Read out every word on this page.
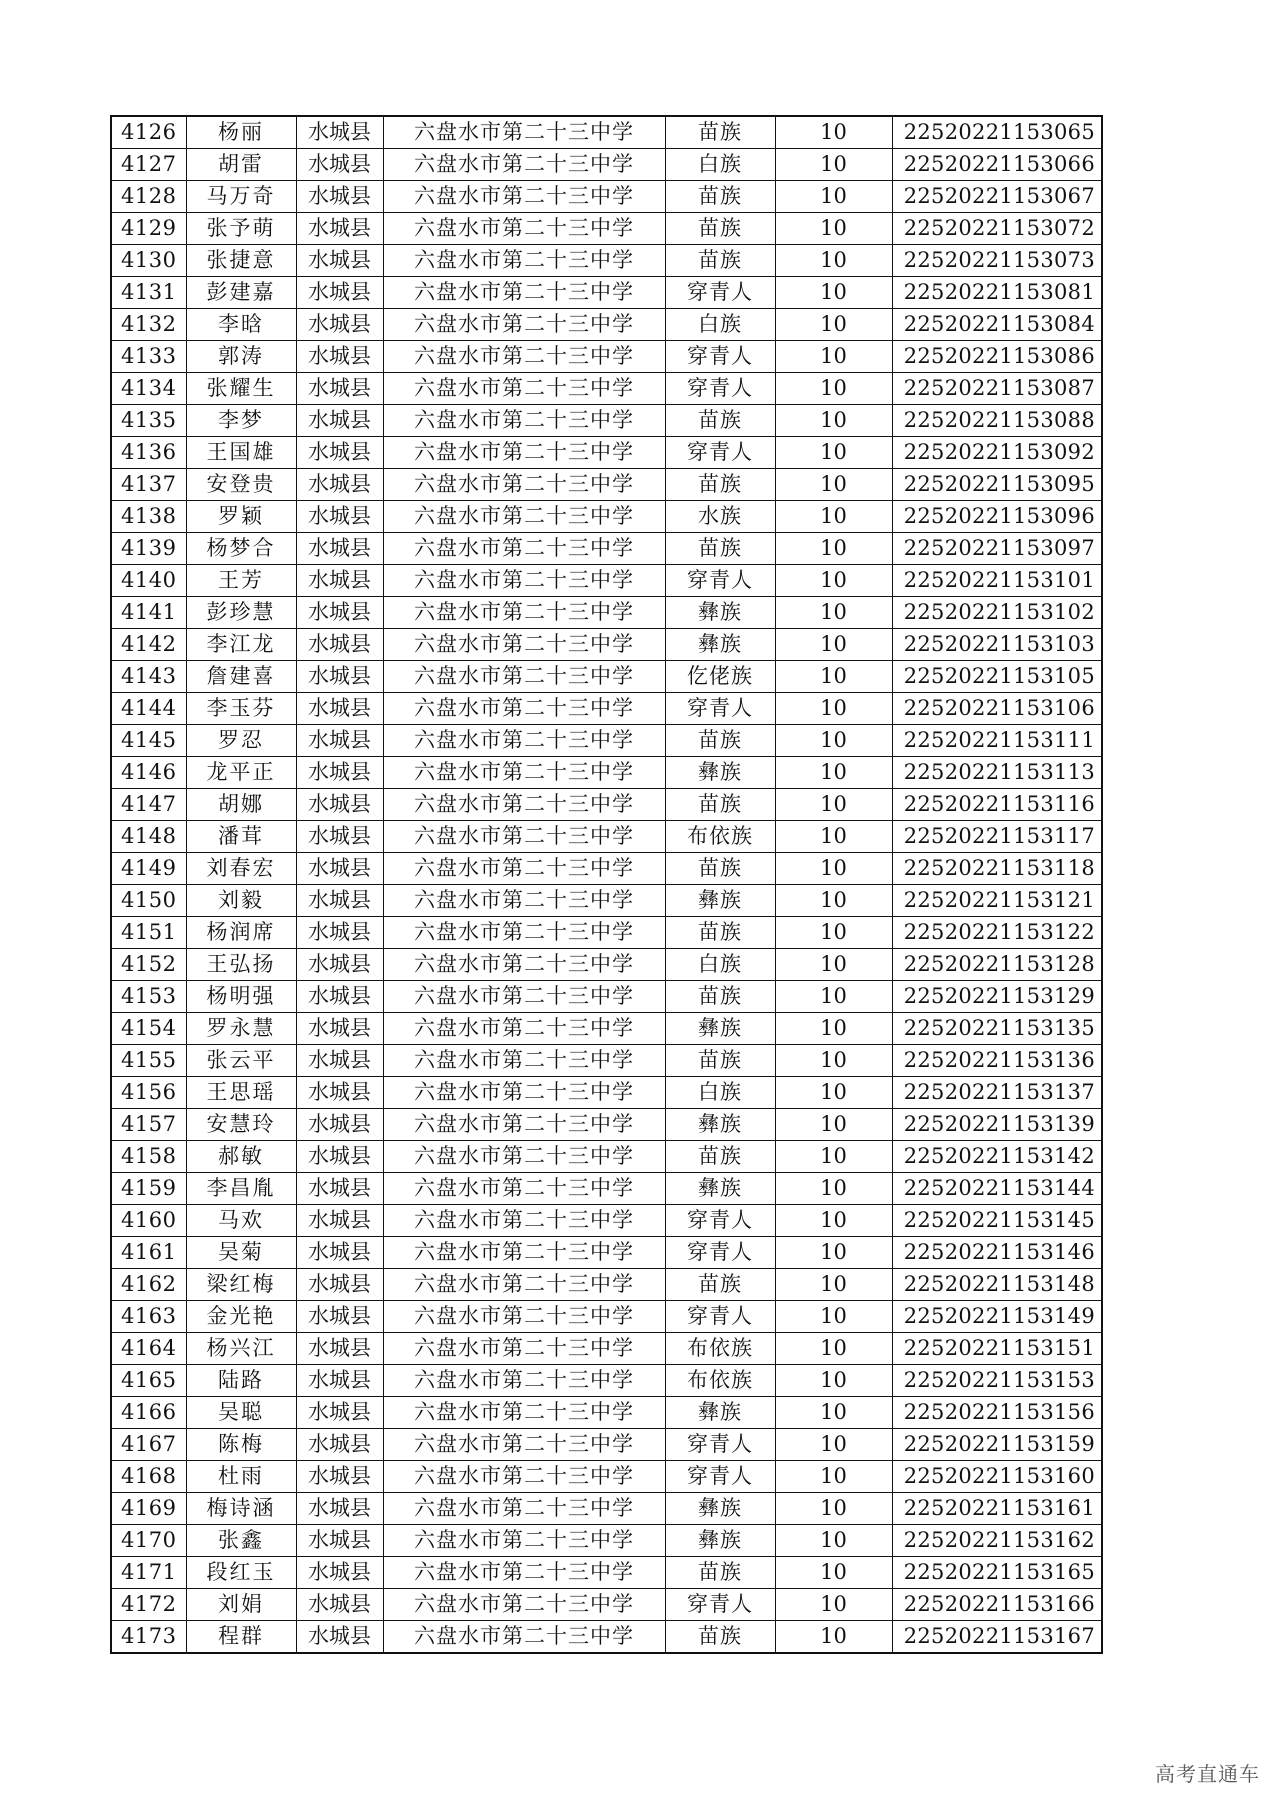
4126	杨丽	水城县	六盘水市第二十三中学	苗族	10	22520221153065
4127	胡雷	水城县	六盘水市第二十三中学	白族	10	22520221153066
4128	马万奇	水城县	六盘水市第二十三中学	苗族	10	22520221153067
4129	张予萌	水城县	六盘水市第二十三中学	苗族	10	22520221153072
4130	张捷意	水城县	六盘水市第二十三中学	苗族	10	22520221153073
4131	彭建嘉	水城县	六盘水市第二十三中学	穿青人	10	22520221153081
4132	李晗	水城县	六盘水市第二十三中学	白族	10	22520221153084
4133	郭涛	水城县	六盘水市第二十三中学	穿青人	10	22520221153086
4134	张耀生	水城县	六盘水市第二十三中学	穿青人	10	22520221153087
4135	李梦	水城县	六盘水市第二十三中学	苗族	10	22520221153088
4136	王国雄	水城县	六盘水市第二十三中学	穿青人	10	22520221153092
4137	安登贵	水城县	六盘水市第二十三中学	苗族	10	22520221153095
4138	罗颖	水城县	六盘水市第二十三中学	水族	10	22520221153096
4139	杨梦合	水城县	六盘水市第二十三中学	苗族	10	22520221153097
4140	王芳	水城县	六盘水市第二十三中学	穿青人	10	22520221153101
4141	彭珍慧	水城县	六盘水市第二十三中学	彝族	10	22520221153102
4142	李江龙	水城县	六盘水市第二十三中学	彝族	10	22520221153103
4143	詹建喜	水城县	六盘水市第二十三中学	仡佬族	10	22520221153105
4144	李玉芬	水城县	六盘水市第二十三中学	穿青人	10	22520221153106
4145	罗忍	水城县	六盘水市第二十三中学	苗族	10	22520221153111
4146	龙平正	水城县	六盘水市第二十三中学	彝族	10	22520221153113
4147	胡娜	水城县	六盘水市第二十三中学	苗族	10	22520221153116
4148	潘茸	水城县	六盘水市第二十三中学	布依族	10	22520221153117
4149	刘春宏	水城县	六盘水市第二十三中学	苗族	10	22520221153118
4150	刘毅	水城县	六盘水市第二十三中学	彝族	10	22520221153121
4151	杨润席	水城县	六盘水市第二十三中学	苗族	10	22520221153122
4152	王弘扬	水城县	六盘水市第二十三中学	白族	10	22520221153128
4153	杨明强	水城县	六盘水市第二十三中学	苗族	10	22520221153129
4154	罗永慧	水城县	六盘水市第二十三中学	彝族	10	22520221153135
4155	张云平	水城县	六盘水市第二十三中学	苗族	10	22520221153136
4156	王思瑶	水城县	六盘水市第二十三中学	白族	10	22520221153137
4157	安慧玲	水城县	六盘水市第二十三中学	彝族	10	22520221153139
4158	郝敏	水城县	六盘水市第二十三中学	苗族	10	22520221153142
4159	李昌胤	水城县	六盘水市第二十三中学	彝族	10	22520221153144
4160	马欢	水城县	六盘水市第二十三中学	穿青人	10	22520221153145
4161	吴菊	水城县	六盘水市第二十三中学	穿青人	10	22520221153146
4162	梁红梅	水城县	六盘水市第二十三中学	苗族	10	22520221153148
4163	金光艳	水城县	六盘水市第二十三中学	穿青人	10	22520221153149
4164	杨兴江	水城县	六盘水市第二十三中学	布依族	10	22520221153151
4165	陆路	水城县	六盘水市第二十三中学	布依族	10	22520221153153
4166	吴聪	水城县	六盘水市第二十三中学	彝族	10	22520221153156
4167	陈梅	水城县	六盘水市第二十三中学	穿青人	10	22520221153159
4168	杜雨	水城县	六盘水市第二十三中学	穿青人	10	22520221153160
4169	梅诗涵	水城县	六盘水市第二十三中学	彝族	10	22520221153161
4170	张鑫	水城县	六盘水市第二十三中学	彝族	10	22520221153162
4171	段红玉	水城县	六盘水市第二十三中学	苗族	10	22520221153165
4172	刘娟	水城县	六盘水市第二十三中学	穿青人	10	22520221153166
4173	程群	水城县	六盘水市第二十三中学	苗族	10	22520221153167
高考直通车
